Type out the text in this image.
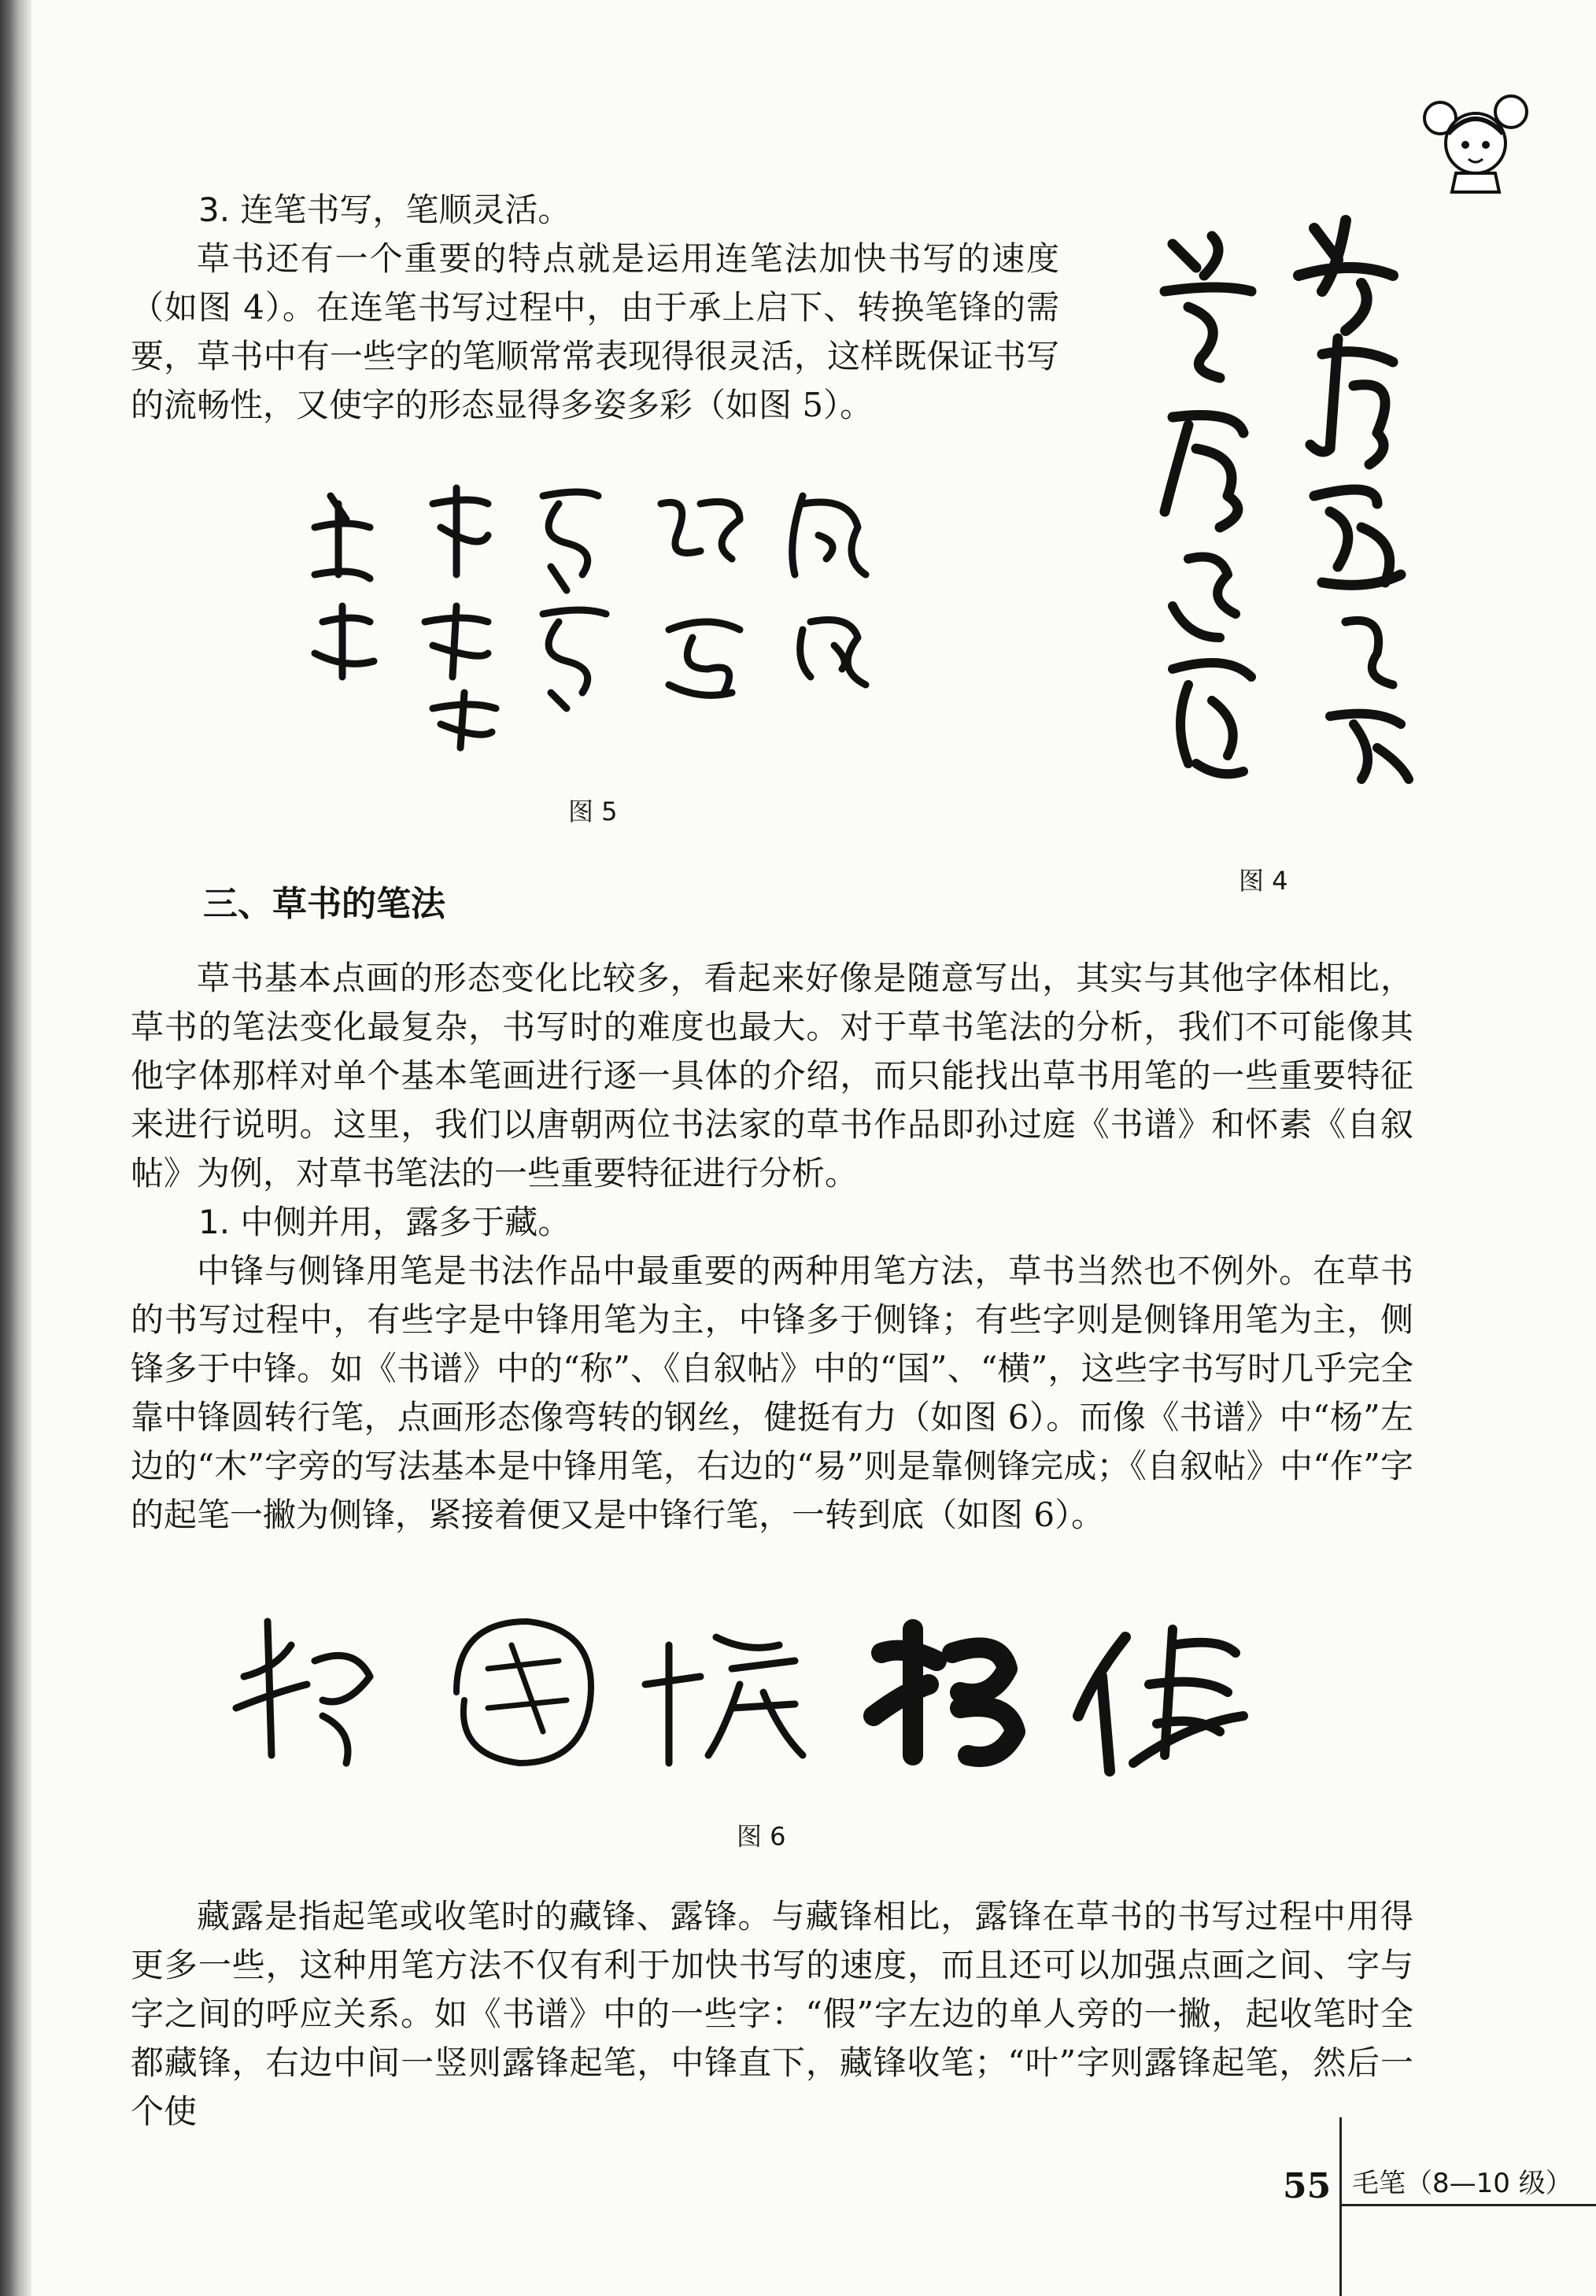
3. 连笔书写，笔顺灵活。

草书还有一个重要的特点就是运用连笔法加快书写的速度（如图 4）。在连笔书写过程中，由于承上启下、转换笔锋的需要，草书中有一些字的笔顺常常表现得很灵活，这样既保证书写的流畅性，又使字的形态显得多姿多彩（如图 5）。

图 4
图 5
三、草书的笔法

草书基本点画的形态变化比较多，看起来好像是随意写出，其实与其他字体相比，草书的笔法变化最复杂，书写时的难度也最大。对于草书笔法的分析，我们不可能像其他字体那样对单个基本笔画进行逐一具体的介绍，而只能找出草书用笔的一些重要特征来进行说明。这里，我们以唐朝两位书法家的草书作品即孙过庭《书谱》和怀素《自叙帖》为例，对草书笔法的一些重要特征进行分析。

1. 中侧并用，露多于藏。

中锋与侧锋用笔是书法作品中最重要的两种用笔方法，草书当然也不例外。在草书的书写过程中，有些字是中锋用笔为主，中锋多于侧锋；有些字则是侧锋用笔为主，侧锋多于中锋。如《书谱》中的“称”、《自叙帖》中的“国”、“横”，这些字书写时几乎完全靠中锋圆转行笔，点画形态像弯转的钢丝，健挺有力（如图 6）。而像《书谱》中“杨”左边的“木”字旁的写法基本是中锋用笔，右边的“易”则是靠侧锋完成；《自叙帖》中“作”字的起笔一撇为侧锋，紧接着便又是中锋行笔，一转到底（如图 6）。

图 6

藏露是指起笔或收笔时的藏锋、露锋。与藏锋相比，露锋在草书的书写过程中用得更多一些，这种用笔方法不仅有利于加快书写的速度，而且还可以加强点画之间、字与字之间的呼应关系。如《书谱》中的一些字：“假”字左边的单人旁的一撇，起收笔时全都藏锋，右边中间一竖则露锋起笔，中锋直下，藏锋收笔；“叶”字则露锋起笔，然后一个使

55 毛笔（8—10 级）
